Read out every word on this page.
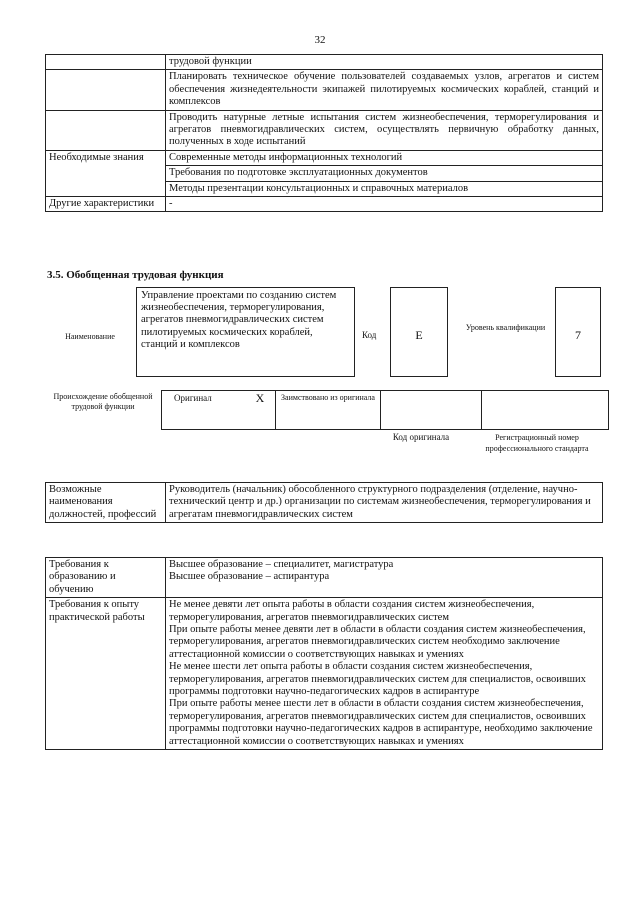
32
	трудовой функции
	Планировать техническое обучение пользователей создаваемых узлов, агрегатов и систем обеспечения жизнедеятельности экипажей пилотируемых космических кораблей, станций и комплексов
	Проводить натурные летные испытания систем жизнеобеспечения, терморегулирования и агрегатов пневмогидравлических систем, осуществлять первичную обработку данных, полученных в ходе испытаний
Необходимые знания	Современные методы информационных технологий
	Требования по подготовке эксплуатационных документов
	Методы презентации консультационных и справочных материалов
Другие характеристики	-
3.5. Обобщенная трудовая функция
Наименование
Управление проектами по созданию систем жизнеобеспечения, терморегулирования, агрегатов пневмогидравлических систем пилотируемых космических кораблей, станций и комплексов
Код	E
Уровень квалификации
7
Происхождение обобщенной трудовой функции
Оригинал	X	Заимствовано из оригинала		
Код оригинала	Регистрационный номер профессионального стандарта
Возможные наименования должностей, профессий	Руководитель (начальник) обособленного структурного подразделения (отделение, научно-технический центр и др.) организации по системам жизнеобеспечения, терморегулирования и агрегатам пневмогидравлических систем
Требования к образованию и обучению	Высшее образование – специалитет, магистратура
Высшее образование – аспирантура

Требования к опыту практической работы	Не менее девяти лет опыта работы в области создания систем жизнеобеспечения, терморегулирования, агрегатов пневмогидравлических систем
При опыте работы менее девяти лет в области в области создания систем жизнеобеспечения, терморегулирования, агрегатов пневмогидравлических систем необходимо заключение аттестационной комиссии о соответствующих навыках и умениях
Не менее шести лет опыта работы в области создания систем жизнеобеспечения, терморегулирования, агрегатов пневмогидравлических систем для специалистов, освоивших программы подготовки научно-педагогических кадров в аспирантуре
При опыте работы менее шести лет в области в области создания систем жизнеобеспечения, терморегулирования, агрегатов пневмогидравлических систем для специалистов, освоивших программы подготовки научно-педагогических кадров в аспирантуре, необходимо заключение аттестационной комиссии о соответствующих навыках и умениях
